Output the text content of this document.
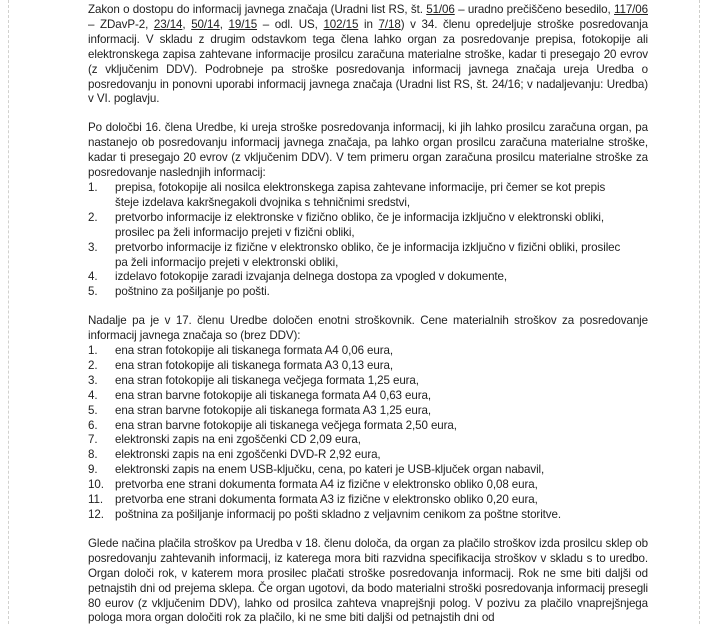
Zakon o dostopu do informacij javnega značaja (Uradni list RS, št. 51/06 – uradno prečiščeno besedilo, 117/06 – ZDavP-2, 23/14, 50/14, 19/15 – odl. US, 102/15 in 7/18) v 34. členu opredeljuje stroške posredovanja informacij. V skladu z drugim odstavkom tega člena lahko organ za posredovanje prepisa, fotokopije ali elektronskega zapisa zahtevane informacije prosilcu zaračuna materialne stroške, kadar ti presegajo 20 evrov (z vključenim DDV). Podrobneje pa stroške posredovanja informacij javnega značaja ureja Uredba o posredovanju in ponovni uporabi informacij javnega značaja (Uradni list RS, št. 24/16; v nadaljevanju: Uredba) v VI. poglavju.

Po določbi 16. člena Uredbe, ki ureja stroške posredovanja informacij, ki jih lahko prosilcu zaračuna organ, pa nastanejo ob posredovanju informacij javnega značaja, pa lahko organ prosilcu zaračuna materialne stroške, kadar ti presegajo 20 evrov (z vključenim DDV). V tem primeru organ zaračuna prosilcu materialne stroške za posredovanje naslednjih informacij:

1.	prepisa, fotokopije ali nosilca elektronskega zapisa zahtevane informacije, pri čemer se kot prepis šteje izdelava kakršnegakoli dvojnika s tehničnimi sredstvi,
2.	pretvorbo informacije iz elektronske v fizično obliko, če je informacija izključno v elektronski obliki, prosilec pa želi informacijo prejeti v fizični obliki,
3.	pretvorbo informacije iz fizične v elektronsko obliko, če je informacija izključno v fizični obliki, prosilec pa želi informacijo prejeti v elektronski obliki,
4.	izdelavo fotokopije zaradi izvajanja delnega dostopa za vpogled v dokumente,
5.	poštnino za pošiljanje po pošti.

Nadalje pa je v 17. členu Uredbe določen enotni stroškovnik. Cene materialnih stroškov za posredovanje informacij javnega značaja so (brez DDV):

1.	ena stran fotokopije ali tiskanega formata A4 0,06 eura,
2.	ena stran fotokopije ali tiskanega formata A3 0,13 eura,
3.	ena stran fotokopije ali tiskanega večjega formata 1,25 eura,
4.	ena stran barvne fotokopije ali tiskanega formata A4 0,63 eura,
5.	ena stran barvne fotokopije ali tiskanega formata A3 1,25 eura,
6.	ena stran barvne fotokopije ali tiskanega večjega formata 2,50 eura,
7.	elektronski zapis na eni zgoščenki CD 2,09 eura,
8.	elektronski zapis na eni zgoščenki DVD-R 2,92 eura,
9.	elektronski zapis na enem USB-ključku, cena, po kateri je USB-ključek organ nabavil,
10. pretvorba ene strani dokumenta formata A4 iz fizične v elektronsko obliko 0,08 eura,
11.	pretvorba ene strani dokumenta formata A3 iz fizične v elektronsko obliko 0,20 eura,
12. poštnina za pošiljanje informacij po pošti skladno z veljavnim cenikom za poštne storitve.

Glede načina plačila stroškov pa Uredba v 18. členu določa, da organ za plačilo stroškov izda prosilcu sklep ob posredovanju zahtevanih informacij, iz katerega mora biti razvidna specifikacija stroškov v skladu s to uredbo. Organ določi rok, v katerem mora prosilec plačati stroške posredovanja informacij. Rok ne sme biti daljši od petnajstih dni od prejema sklepa. Če organ ugotovi, da bodo materialni stroški posredovanja informacij presegli 80 eurov (z vključenim DDV), lahko od prosilca zahteva vnaprejšnji polog. V pozivu za plačilo vnaprejšnjega pologa mora organ določiti rok za plačilo, ki ne sme biti daljši od petnajstih dni od
